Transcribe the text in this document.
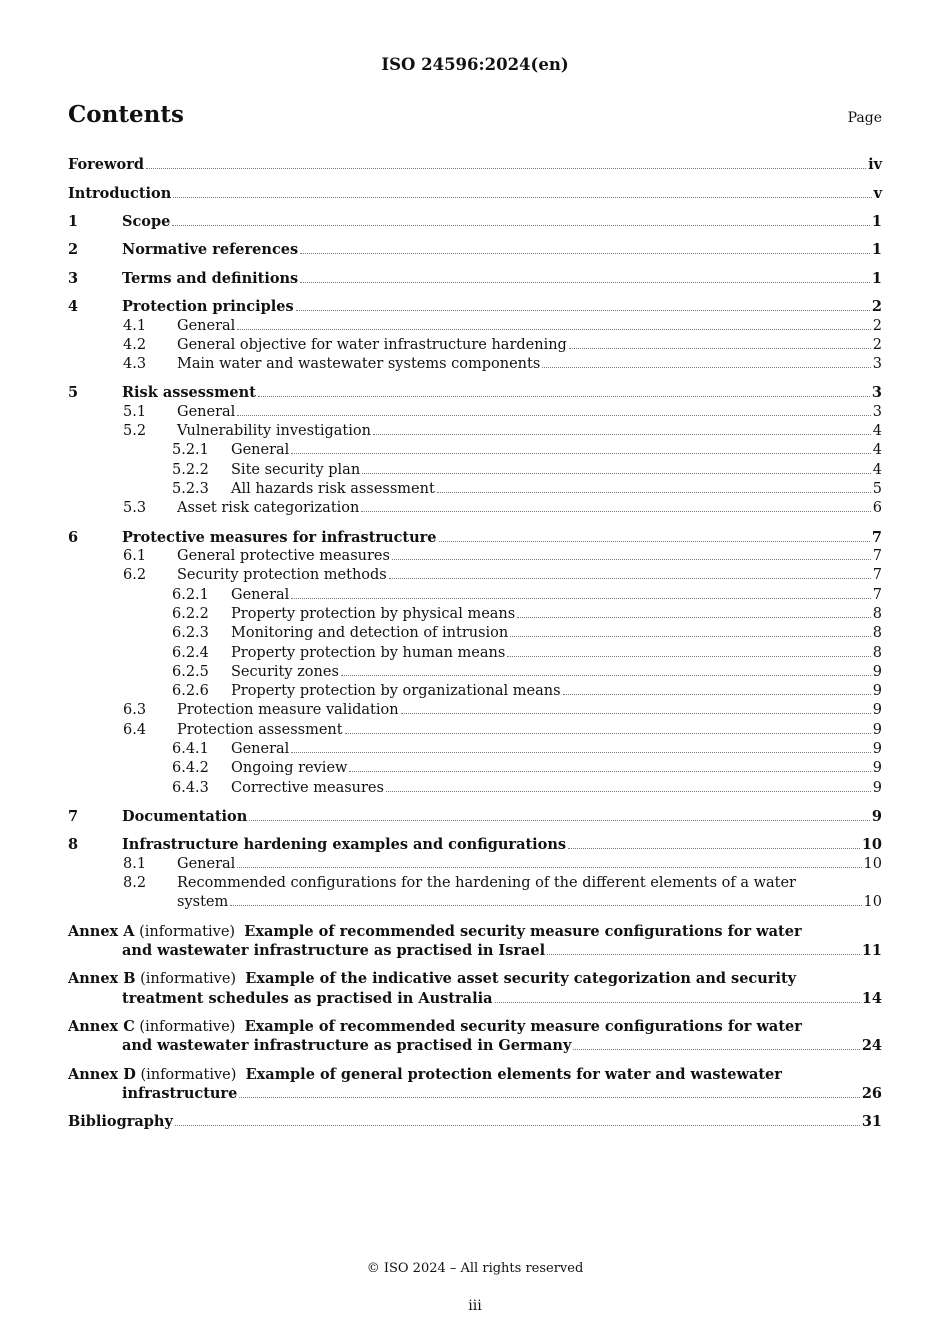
ISO 24596:2024(en)
Contents	Page
Foreword	iv
Introduction	v
1	Scope	1
2	Normative references	1
3	Terms and definitions	1
4	Protection principles	2
4.1 General	2
4.2 General objective for water infrastructure hardening	2
4.3 Main water and wastewater systems components	3
5	Risk assessment	3
5.1 General	3
5.2 Vulnerability investigation	4
5.2.1 General	4
5.2.2 Site security plan	4
5.2.3 All hazards risk assessment	5
5.3 Asset risk categorization	6
6	Protective measures for infrastructure	7
6.1 General protective measures	7
6.2 Security protection methods	7
6.2.1 General	7
6.2.2 Property protection by physical means	8
6.2.3 Monitoring and detection of intrusion	8
6.2.4 Property protection by human means	8
6.2.5 Security zones	9
6.2.6 Property protection by organizational means	9
6.3 Protection measure validation	9
6.4 Protection assessment	9
6.4.1 General	9
6.4.2 Ongoing review	9
6.4.3 Corrective measures	9
7	Documentation	9
8	Infrastructure hardening examples and configurations	10
8.1 General	10
8.2 Recommended configurations for the hardening of the different elements of a water
system	10
Annex A (informative) Example of recommended security measure configurations for water
and wastewater infrastructure as practised in Israel	11
Annex B (informative) Example of the indicative asset security categorization and security
treatment schedules as practised in Australia	14
Annex C (informative) Example of recommended security measure configurations for water
and wastewater infrastructure as practised in Germany	24
Annex D (informative) Example of general protection elements for water and wastewater
infrastructure	26
Bibliography	31
© ISO 2024 – All rights reserved
iii
